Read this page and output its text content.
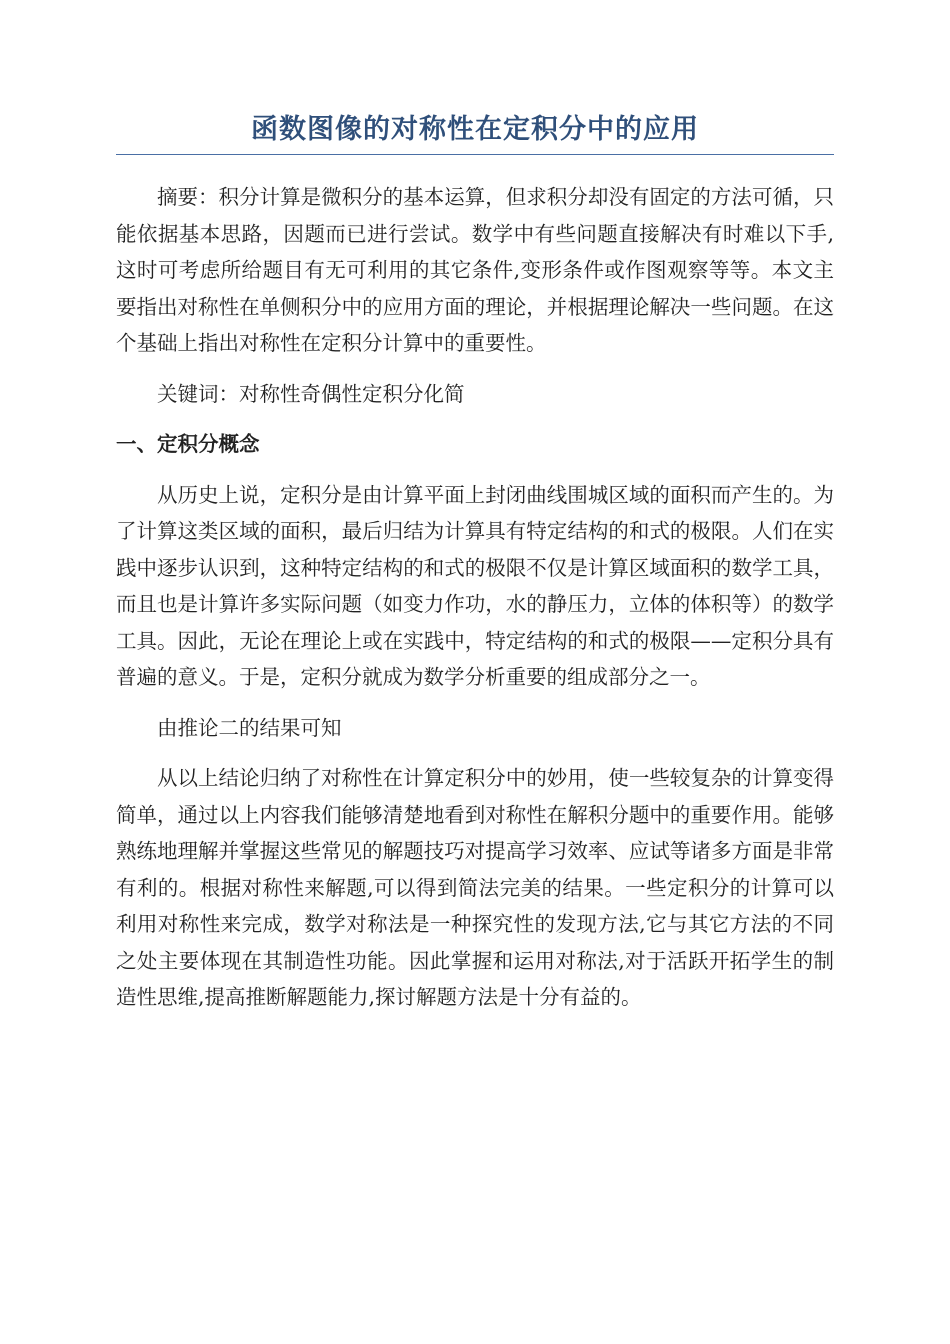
函数图像的对称性在定积分中的应用

摘要：积分计算是微积分的基本运算，但求积分却没有固定的方法可循，只能依据基本思路，因题而已进行尝试。数学中有些问题直接解决有时难以下手,这时可考虑所给题目有无可利用的其它条件,变形条件或作图观察等等。本文主要指出对称性在单侧积分中的应用方面的理论，并根据理论解决一些问题。在这个基础上指出对称性在定积分计算中的重要性。

关键词：对称性奇偶性定积分化简

一、定积分概念

从历史上说，定积分是由计算平面上封闭曲线围城区域的面积而产生的。为了计算这类区域的面积，最后归结为计算具有特定结构的和式的极限。人们在实践中逐步认识到，这种特定结构的和式的极限不仅是计算区域面积的数学工具，而且也是计算许多实际问题（如变力作功，水的静压力，立体的体积等）的数学工具。因此，无论在理论上或在实践中，特定结构的和式的极限——定积分具有普遍的意义。于是，定积分就成为数学分析重要的组成部分之一。

由推论二的结果可知

从以上结论归纳了对称性在计算定积分中的妙用，使一些较复杂的计算变得简单，通过以上内容我们能够清楚地看到对称性在解积分题中的重要作用。能够熟练地理解并掌握这些常见的解题技巧对提高学习效率、应试等诸多方面是非常有利的。根据对称性来解题,可以得到简法完美的结果。一些定积分的计算可以利用对称性来完成，数学对称法是一种探究性的发现方法,它与其它方法的不同之处主要体现在其制造性功能。因此掌握和运用对称法,对于活跃开拓学生的制造性思维,提高推断解题能力,探讨解题方法是十分有益的。
